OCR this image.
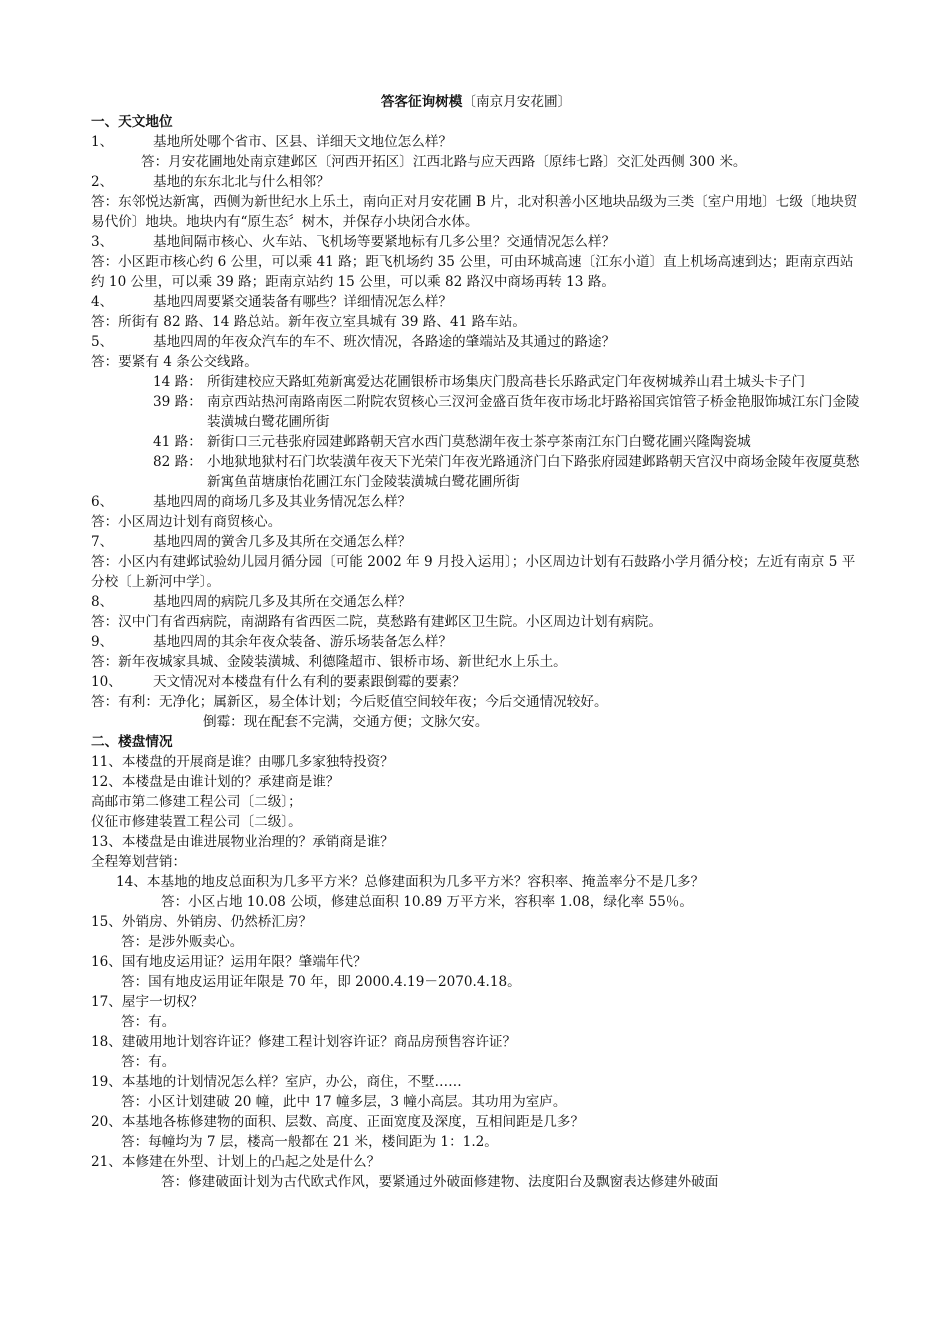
答客征询树模〔南京月安花圃〕
一、天文地位
1、	基地所处哪个省市、区县、详细天文地位怎么样？
答：月安花圃地处南京建邺区〔河西开拓区〕江西北路与应天西路〔原纬七路〕交汇处西侧 300 米。
2、	基地的东东北北与什么相邻？
答：东邻悦达新寓，西侧为新世纪水上乐土，南向正对月安花圃 B 片，北对积善小区地块品级为三类〔室户用地〕七级〔地块贸易代价〕地块。地块内有“原生态〞树木，并保存小块闭合水体。
3、	基地间隔市核心、火车站、飞机场等要紧地标有几多公里？交通情况怎么样？
答：小区距市核心约 6 公里，可以乘 41 路；距飞机场约 35 公里，可由环城高速〔江东小道〕直上机场高速到达；距南京西站约 10 公里，可以乘 39 路；距南京站约 15 公里，可以乘 82 路汉中商场再转 13 路。
4、	基地四周要紧交通装备有哪些？详细情况怎么样？
答：所街有 82 路、14 路总站。新年夜立室具城有 39 路、41 路车站。
5、	基地四周的年夜众汽车的车不、班次情况，各路途的肇端站及其通过的路途？
答：要紧有 4 条公交线路。
14 路： 所街建校应天路虹苑新寓爱达花圃银桥市场集庆门殷高巷长乐路武定门年夜树城养山君土城头卡子门
39 路： 南京西站热河南路南医二附院农贸核心三汊河金盛百货年夜市场北圩路裕国宾馆管子桥金艳服饰城江东门金陵装潢城白鹭花圃所街
41 路： 新街口三元巷张府园建邺路朝天宫水西门莫愁湖年夜士茶亭茶南江东门白鹭花圃兴隆陶瓷城
82 路： 小地狱地狱村石门坎装潢年夜天下光荣门年夜光路通济门白下路张府园建邺路朝天宫汉中商场金陵年夜厦莫愁新寓鱼苗塘康怡花圃江东门金陵装潢城白鹭花圃所街
6、	基地四周的商场几多及其业务情况怎么样？
答：小区周边计划有商贸核心。
7、	基地四周的黉舍几多及其所在交通怎么样？
答：小区内有建邺试验幼儿园月循分园〔可能 2002 年 9 月投入运用〕；小区周边计划有石鼓路小学月循分校；左近有南京 5 平分校〔上新河中学〕。
8、	基地四周的病院几多及其所在交通怎么样？
答：汉中门有省西病院，南湖路有省西医二院，莫愁路有建邺区卫生院。小区周边计划有病院。
9、	基地四周的其余年夜众装备、游乐场装备怎么样？
答：新年夜城家具城、金陵装潢城、利德隆超市、银桥市场、新世纪水上乐土。
10、	天文情况对本楼盘有什么有利的要素跟倒霉的要素？
答：有利：无净化；属新区，易全体计划；今后贬值空间较年夜；今后交通情况较好。
倒霉：现在配套不完满，交通方便；文脉欠安。
二、楼盘情况
11、本楼盘的开展商是谁？由哪几多家独特投资？
12、本楼盘是由谁计划的？承建商是谁？
高邮市第二修建工程公司〔二级〕；
仪征市修建装置工程公司〔二级〕。
13、本楼盘是由谁进展物业治理的？承销商是谁？
全程筹划营销：
14、本基地的地皮总面积为几多平方米？总修建面积为几多平方米？容积率、掩盖率分不是几多？
答：小区占地 10.08 公顷，修建总面积 10.89 万平方米，容积率 1.08，绿化率 55％。
15、外销房、外销房、仍然桥汇房？
答：是涉外贩卖心。
16、国有地皮运用证？运用年限？肇端年代？
答：国有地皮运用证年限是 70 年，即 2000.4.19－2070.4.18。
17、屋宇一切权？
答：有。
18、建破用地计划容许证？修建工程计划容许证？商品房预售容许证？
答：有。
19、本基地的计划情况怎么样？室庐，办公，商住，不墅……
答：小区计划建破 20 幢，此中 17 幢多层，3 幢小高层。其功用为室庐。
20、本基地各栋修建物的面积、层数、高度、正面宽度及深度，互相间距是几多？
答：每幢均为 7 层，楼高一般都在 21 米，楼间距为 1：1.2。
21、本修建在外型、计划上的凸起之处是什么？
答：修建破面计划为古代欧式作风，要紧通过外破面修建物、法度阳台及飘窗表达修建外破面
